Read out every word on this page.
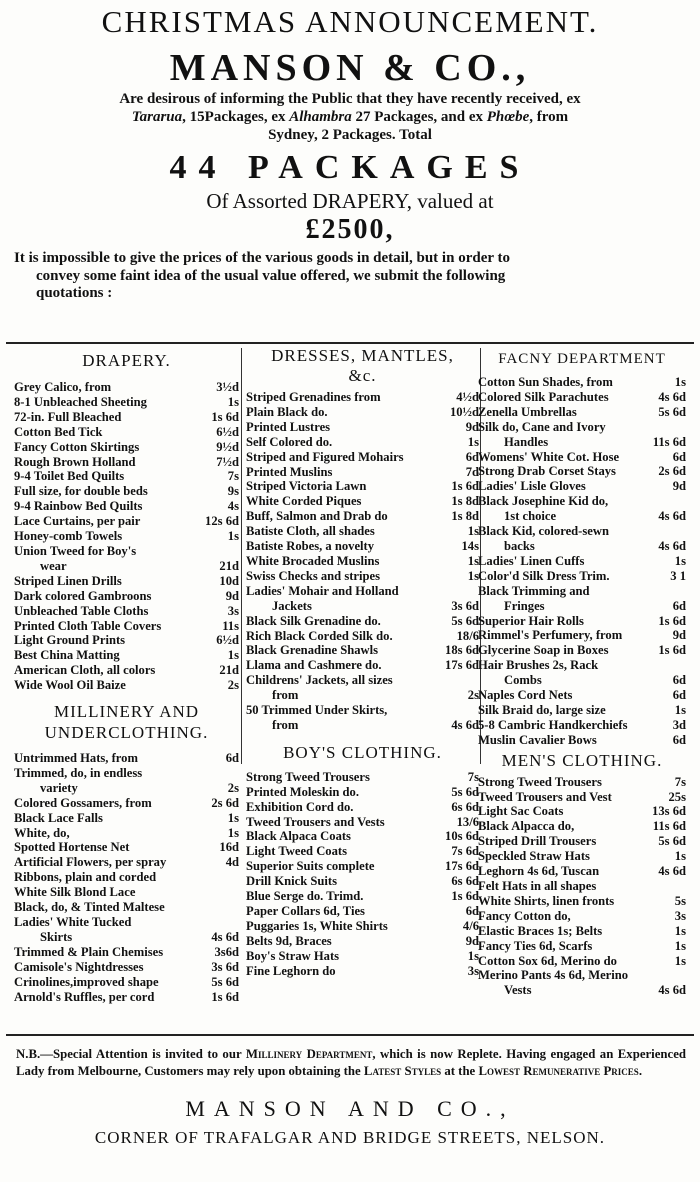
CHRISTMAS ANNOUNCEMENT.
MANSON & CO.,
Are desirous of informing the Public that they have recently received, ex
Tararua, 15Packages, ex Alhambra 27 Packages, and ex Phœbe, from
Sydney, 2 Packages. Total
44 PACKAGES
Of Assorted DRAPERY, valued at
£2500,
It is impossible to give the prices of the various goods in detail, but in order to
convey some faint idea of the usual value offered, we submit the following
quotations :
DRAPERY.
Grey Calico, from	3½d
8-1 Unbleached Sheeting	1s
72-in. Full Bleached	1s 6d
Cotton Bed Tick	6½d
Fancy Cotton Skirtings	9½d
Rough Brown Holland	7½d
9-4 Toilet Bed Quilts	7s
Full size, for double beds	9s
9-4 Rainbow Bed Quilts	4s
Lace Curtains, per pair	12s 6d
Honey-comb Towels	1s
Union Tweed for Boy's
wear	21d
Striped Linen Drills	10d
Dark colored Gambroons	9d
Unbleached Table Cloths	3s
Printed Cloth Table Covers	11s
Light Ground Prints	6½d
Best China Matting	1s
American Cloth, all colors	21d
Wide Wool Oil Baize	2s
MILLINERY AND
UNDERCLOTHING.
Untrimmed Hats, from	6d
Trimmed, do, in endless
variety	2s
Colored Gossamers, from	2s 6d
Black Lace Falls	1s
White, do,	1s
Spotted Hortense Net	16d
Artificial Flowers, per spray	4d
Ribbons, plain and corded
White Silk Blond Lace
Black, do, & Tinted Maltese
Ladies' White Tucked
Skirts	4s 6d
Trimmed & Plain Chemises	3s6d
Camisole's Nightdresses	3s 6d
Crinolines,improved shape	5s 6d
Arnold's Ruffles, per cord	1s 6d
DRESSES, MANTLES,
&c.
Striped Grenadines from	4½d
Plain Black do.	10½d
Printed Lustres	9d
Self Colored do.	1s
Striped and Figured Mohairs	6d
Printed Muslins	7d
Striped Victoria Lawn	1s 6d
White Corded Piques	1s 8d
Buff, Salmon and Drab do	1s 8d
Batiste Cloth, all shades	1s
Batiste Robes, a novelty	14s
White Brocaded Muslins	1s
Swiss Checks and stripes	1s
Ladies' Mohair and Holland
Jackets	3s 6d
Black Silk Grenadine do.	5s 6d
Rich Black Corded Silk do.	18/6
Black Grenadine Shawls	18s 6d
Llama and Cashmere do.	17s 6d
Childrens' Jackets, all sizes
from	2s
50 Trimmed Under Skirts,
from	4s 6d
BOY'S CLOTHING.
Strong Tweed Trousers	7s
Printed Moleskin do.	5s 6d
Exhibition Cord do.	6s 6d
Tweed Trousers and Vests	13/6
Black Alpaca Coats	10s 6d
Light Tweed Coats	7s 6d
Superior Suits complete	17s 6d
Drill Knick Suits	6s 6d
Blue Serge do. Trimd.	1s 6d
Paper Collars 6d, Ties	6d
Puggaries 1s, White Shirts	4/6
Belts 9d, Braces	9d
Boy's Straw Hats	1s
Fine Leghorn do	3s
FACNY DEPARTMENT
Cotton Sun Shades, from	1s
Colored Silk Parachutes	4s 6d
Zenella Umbrellas	5s 6d
Silk do, Cane and Ivory
Handles	11s 6d
Womens' White Cot. Hose	6d
Strong Drab Corset Stays	2s 6d
Ladies' Lisle Gloves	9d
Black Josephine Kid do,
1st choice	4s 6d
Black Kid, colored-sewn
backs	4s 6d
Ladies' Linen Cuffs	1s
Color'd Silk Dress Trim.	3 1
Black Trimming and
Fringes	6d
Superior Hair Rolls	1s 6d
Rimmel's Perfumery, from	9d
Glycerine Soap in Boxes	1s 6d
Hair Brushes 2s, Rack
Combs	6d
Naples Cord Nets	6d
Silk Braid do, large size	1s
5-8 Cambric Handkerchiefs	3d
Muslin Cavalier Bows	6d
MEN'S CLOTHING.
Strong Tweed Trousers	7s
Tweed Trousers and Vest	25s
Light Sac Coats	13s 6d
Black Alpacca do,	11s 6d
Striped Drill Trousers	5s 6d
Speckled Straw Hats	1s
Leghorn 4s 6d, Tuscan	4s 6d
Felt Hats in all shapes
White Shirts, linen fronts	5s
Fancy Cotton do,	3s
Elastic Braces 1s; Belts	1s
Fancy Ties 6d, Scarfs	1s
Cotton Sox 6d, Merino do	1s
Merino Pants 4s 6d, Merino
Vests	4s 6d
N.B.—Special Attention is invited to our Millinery Department, which is now Replete. Having engaged an Experienced Lady from Melbourne, Customers may rely upon obtaining the Latest Styles at the Lowest Remunerative Prices.
MANSON AND CO.,
CORNER OF TRAFALGAR AND BRIDGE STREETS, NELSON.
